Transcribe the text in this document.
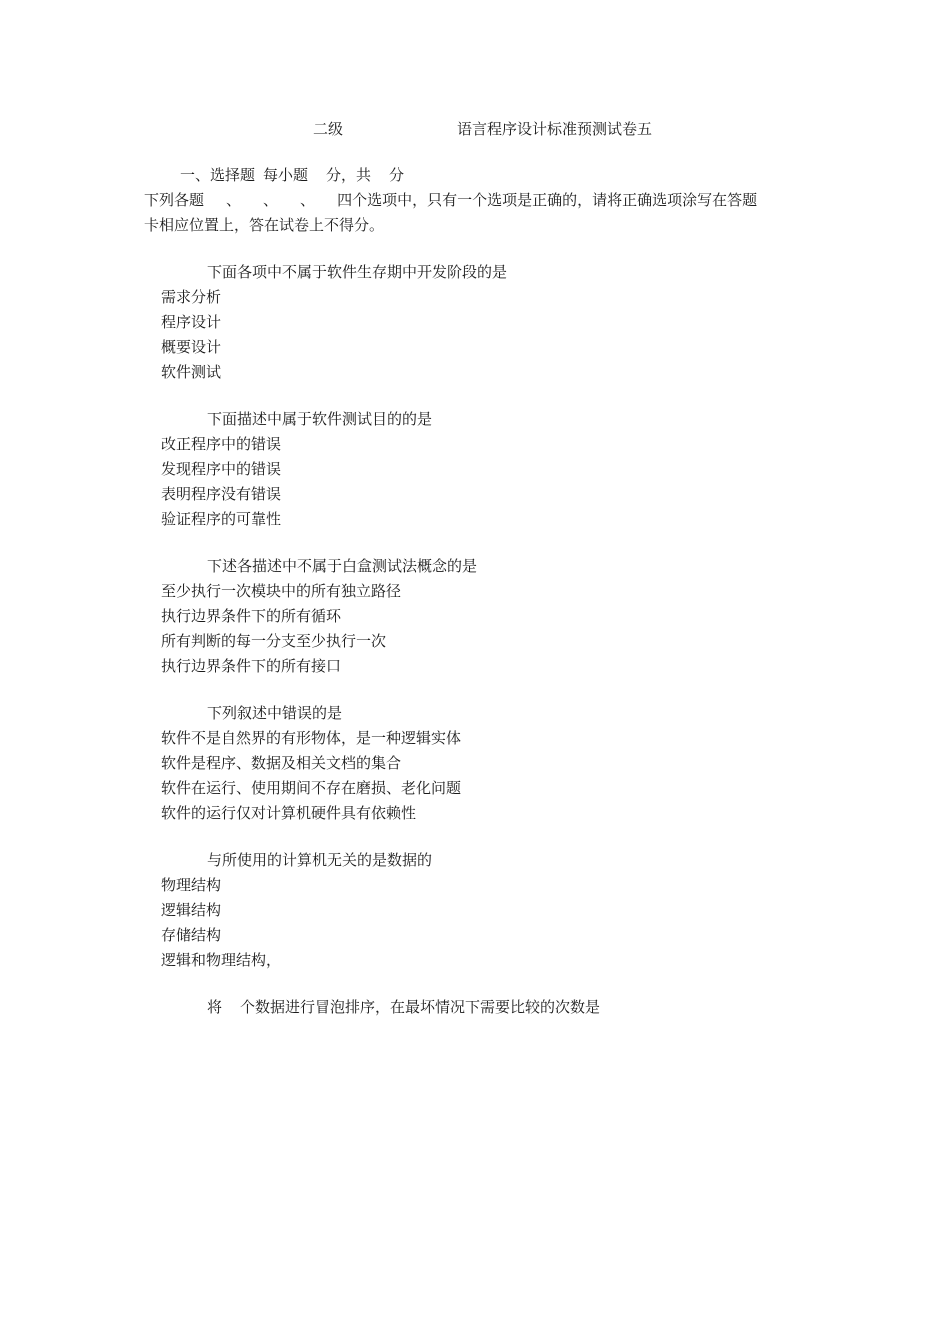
二级	语言程序设计标准预测试卷五
一、选择题 每小题 分，共 分
下列各题 、 、 、 四个选项中，只有一个选项是正确的，请将正确选项涂写在答题
卡相应位置上，答在试卷上不得分。
下面各项中不属于软件生存期中开发阶段的是
需求分析
程序设计
概要设计
软件测试
下面描述中属于软件测试目的的是
改正程序中的错误
发现程序中的错误
表明程序没有错误
验证程序的可靠性
下述各描述中不属于白盒测试法概念的是
至少执行一次模块中的所有独立路径
执行边界条件下的所有循环
所有判断的每一分支至少执行一次
执行边界条件下的所有接口
下列叙述中错误的是
软件不是自然界的有形物体，是一种逻辑实体
软件是程序、数据及相关文档的集合
软件在运行、使用期间不存在磨损、老化问题
软件的运行仅对计算机硬件具有依赖性
与所使用的计算机无关的是数据的
物理结构
逻辑结构
存储结构
逻辑和物理结构，
将 个数据进行冒泡排序，在最坏情况下需要比较的次数是
